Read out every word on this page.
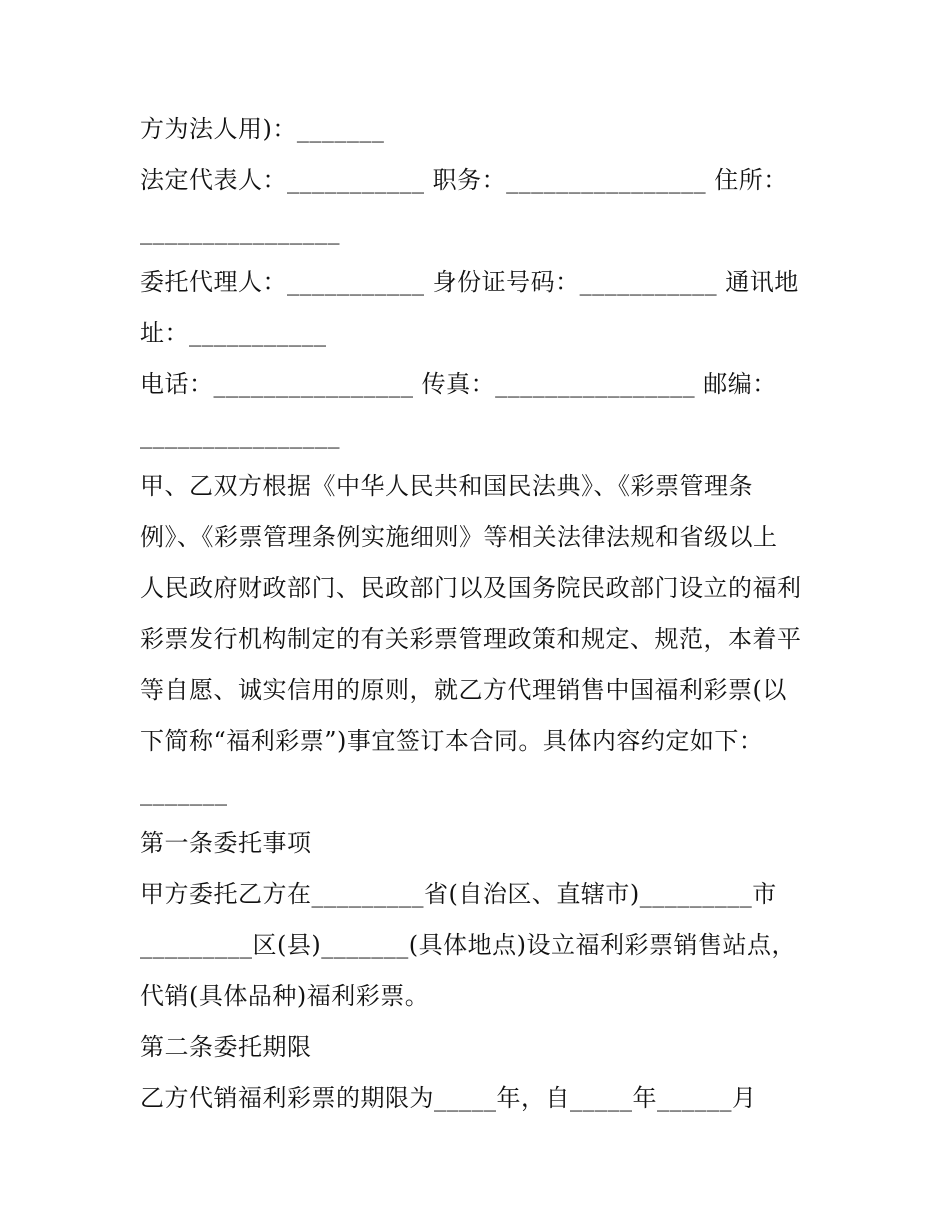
方为法人用)：_______
法定代表人：___________ 职务：________________ 住所：
________________
委托代理人：___________ 身份证号码：___________ 通讯地
址：___________
电话：________________ 传真：________________ 邮编：
________________
甲、乙双方根据《中华人民共和国民法典》、《彩票管理条
例》、《彩票管理条例实施细则》等相关法律法规和省级以上
人民政府财政部门、民政部门以及国务院民政部门设立的福利
彩票发行机构制定的有关彩票管理政策和规定、规范，本着平
等自愿、诚实信用的原则，就乙方代理销售中国福利彩票(以
下简称“福利彩票”)事宜签订本合同。具体内容约定如下：
_______
第一条委托事项
甲方委托乙方在_________省(自治区、直辖市)_________市
_________区(县)_______(具体地点)设立福利彩票销售站点，
代销(具体品种)福利彩票。
第二条委托期限
乙方代销福利彩票的期限为_____年，自_____年______月
